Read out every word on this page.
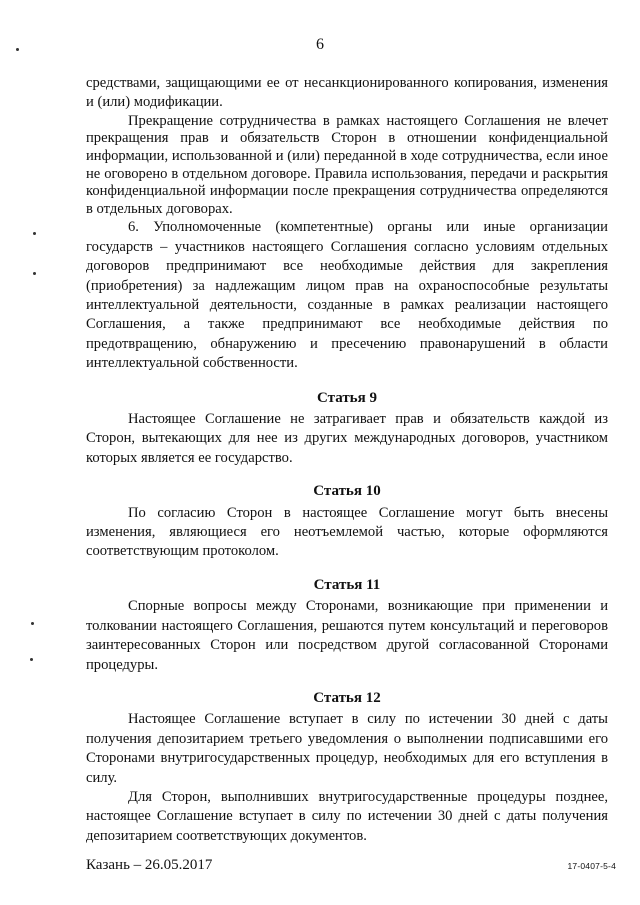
6

средствами, защищающими ее от несанкционированного копирования, изменения и (или) модификации.

Прекращение сотрудничества в рамках настоящего Соглашения не влечет прекращения прав и обязательств Сторон в отношении конфиденциальной информации, использованной и (или) переданной в ходе сотрудничества, если иное не оговорено в отдельном договоре. Правила использования, передачи и раскрытия конфиденциальной информации после прекращения сотрудничества определяются в отдельных договорах.

6. Уполномоченные (компетентные) органы или иные организации государств – участников настоящего Соглашения согласно условиям отдельных договоров предпринимают все необходимые действия для закрепления (приобретения) за надлежащим лицом прав на охраноспособные результаты интеллектуальной деятельности, созданные в рамках реализации настоящего Соглашения, а также предпринимают все необходимые действия по предотвращению, обнаружению и пресечению правонарушений в области интеллектуальной собственности.

Статья 9

Настоящее Соглашение не затрагивает прав и обязательств каждой из Сторон, вытекающих для нее из других международных договоров, участником которых является ее государство.

Статья 10

По согласию Сторон в настоящее Соглашение могут быть внесены изменения, являющиеся его неотъемлемой частью, которые оформляются соответствующим протоколом.

Статья 11

Спорные вопросы между Сторонами, возникающие при применении и толковании настоящего Соглашения, решаются путем консультаций и переговоров заинтересованных Сторон или посредством другой согласованной Сторонами процедуры.

Статья 12

Настоящее Соглашение вступает в силу по истечении 30 дней с даты получения депозитарием третьего уведомления о выполнении подписавшими его Сторонами внутригосударственных процедур, необходимых для его вступления в силу.

Для Сторон, выполнивших внутригосударственные процедуры позднее, настоящее Соглашение вступает в силу по истечении 30 дней с даты получения депозитарием соответствующих документов.

Казань – 26.05.2017	17-0407-5-4
